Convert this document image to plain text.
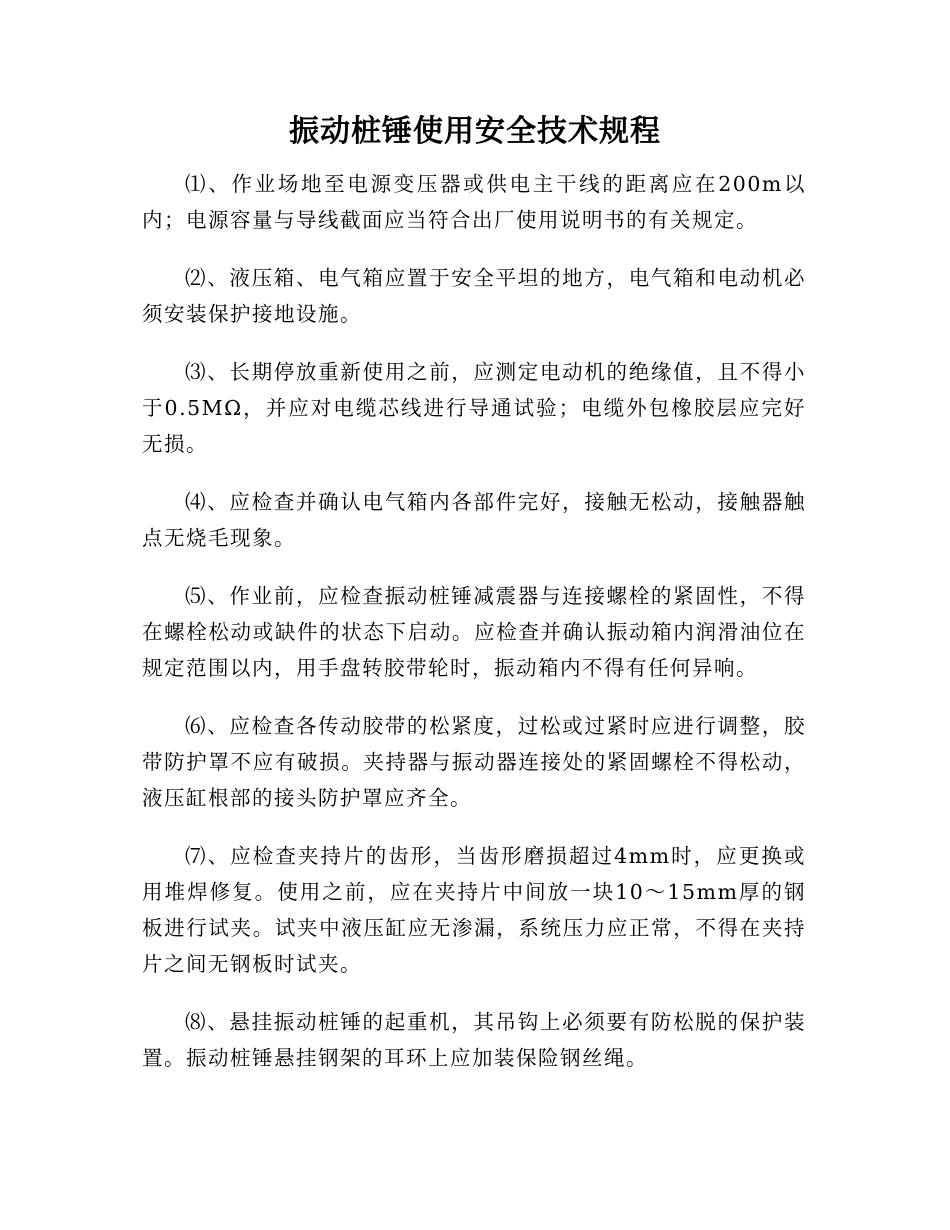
振动桩锤使用安全技术规程

⑴、作业场地至电源变压器或供电主干线的距离应在200m以内；电源容量与导线截面应当符合出厂使用说明书的有关规定。

⑵、液压箱、电气箱应置于安全平坦的地方，电气箱和电动机必须安装保护接地设施。

⑶、长期停放重新使用之前，应测定电动机的绝缘值，且不得小于0.5MΩ，并应对电缆芯线进行导通试验；电缆外包橡胶层应完好无损。

⑷、应检查并确认电气箱内各部件完好，接触无松动，接触器触点无烧毛现象。

⑸、作业前，应检查振动桩锤减震器与连接螺栓的紧固性，不得在螺栓松动或缺件的状态下启动。应检查并确认振动箱内润滑油位在规定范围以内，用手盘转胶带轮时，振动箱内不得有任何异响。

⑹、应检查各传动胶带的松紧度，过松或过紧时应进行调整，胶带防护罩不应有破损。夹持器与振动器连接处的紧固螺栓不得松动，液压缸根部的接头防护罩应齐全。

⑺、应检查夹持片的齿形，当齿形磨损超过4mm时，应更换或用堆焊修复。使用之前，应在夹持片中间放一块10～15mm厚的钢板进行试夹。试夹中液压缸应无渗漏，系统压力应正常，不得在夹持片之间无钢板时试夹。

⑻、悬挂振动桩锤的起重机，其吊钩上必须要有防松脱的保护装置。振动桩锤悬挂钢架的耳环上应加装保险钢丝绳。
